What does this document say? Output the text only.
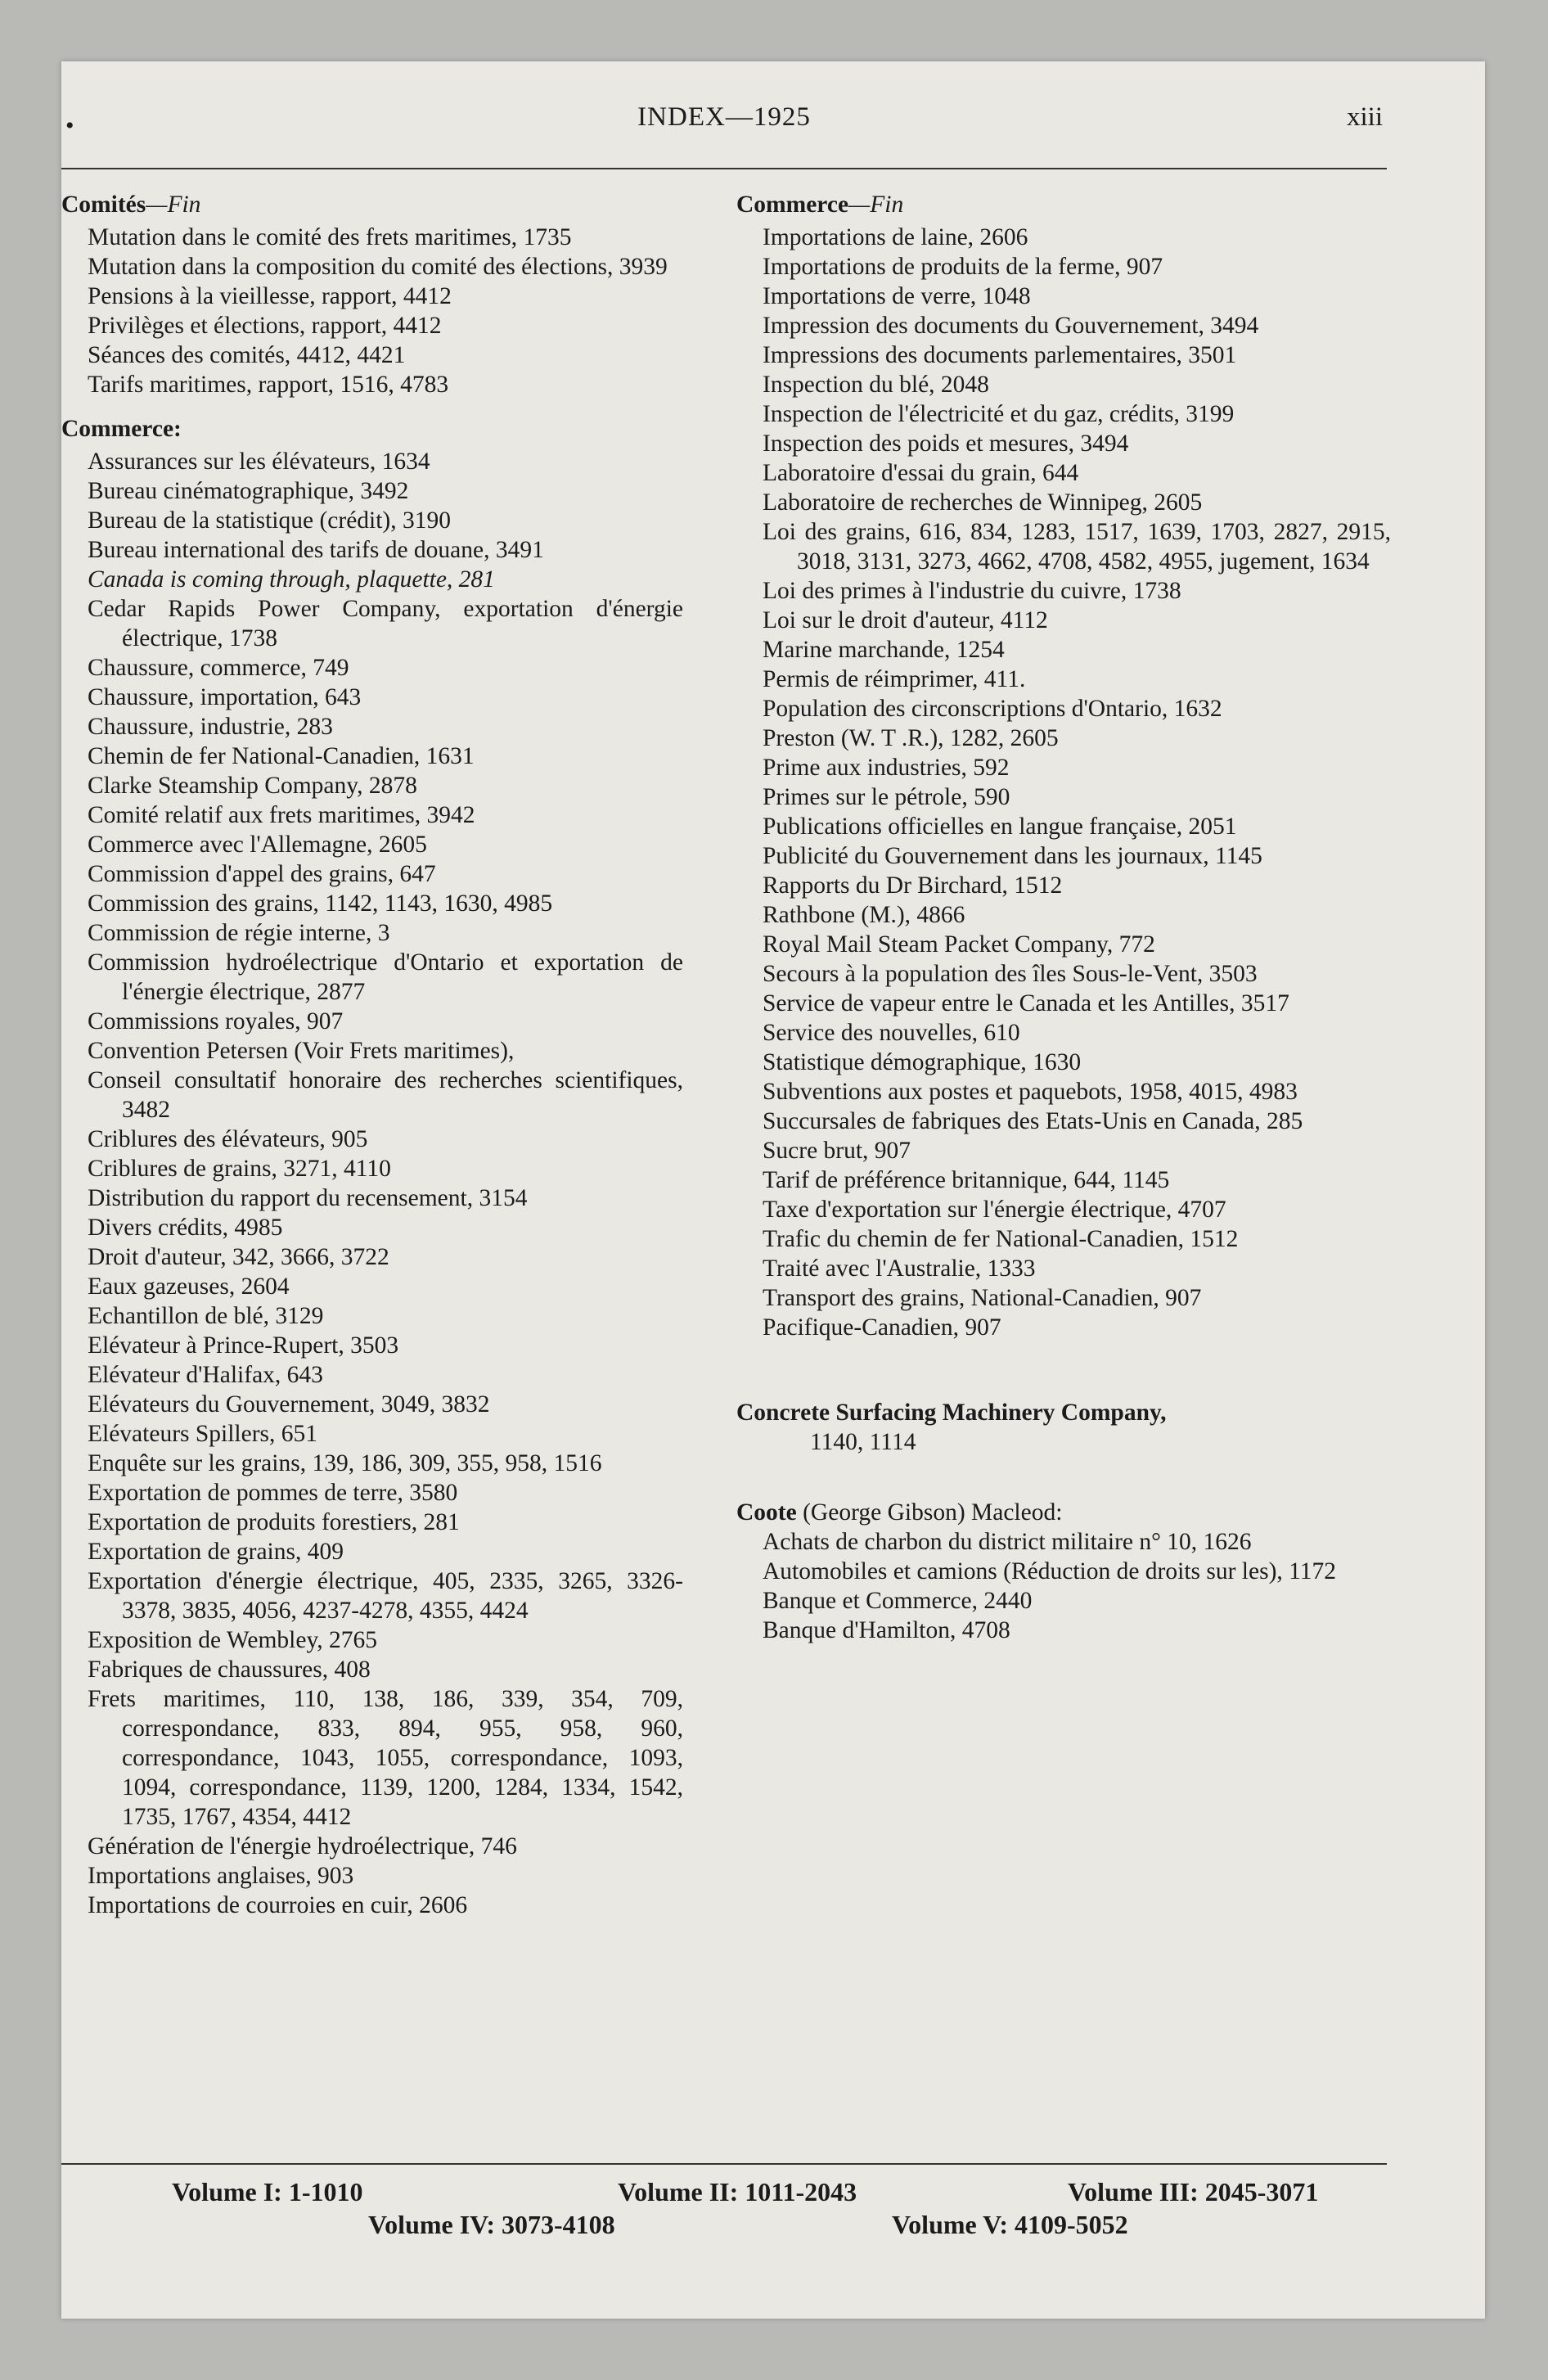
•	INDEX—1925	xiii
Comités—Fin
Mutation dans le comité des frets maritimes, 1735
Mutation dans la composition du comité des élections, 3939
Pensions à la vieillesse, rapport, 4412
Privilèges et élections, rapport, 4412
Séances des comités, 4412, 4421
Tarifs maritimes, rapport, 1516, 4783
Commerce:
Assurances sur les élévateurs, 1634
Bureau cinématographique, 3492
Bureau de la statistique (crédit), 3190
Bureau international des tarifs de douane, 3491
Canada is coming through, plaquette, 281
Cedar Rapids Power Company, exportation d'énergie électrique, 1738
Chaussure, commerce, 749
Chaussure, importation, 643
Chaussure, industrie, 283
Chemin de fer National-Canadien, 1631
Clarke Steamship Company, 2878
Comité relatif aux frets maritimes, 3942
Commerce avec l'Allemagne, 2605
Commission d'appel des grains, 647
Commission des grains, 1142, 1143, 1630, 4985
Commission de régie interne, 3
Commission hydroélectrique d'Ontario et exportation de l'énergie électrique, 2877
Commissions royales, 907
Convention Petersen (Voir Frets maritimes),
Conseil consultatif honoraire des recherches scientifiques, 3482
Criblures des élévateurs, 905
Criblures de grains, 3271, 4110
Distribution du rapport du recensement, 3154
Divers crédits, 4985
Droit d'auteur, 342, 3666, 3722
Eaux gazeuses, 2604
Echantillon de blé, 3129
Elévateur à Prince-Rupert, 3503
Elévateur d'Halifax, 643
Elévateurs du Gouvernement, 3049, 3832
Elévateurs Spillers, 651
Enquête sur les grains, 139, 186, 309, 355, 958, 1516
Exportation de pommes de terre, 3580
Exportation de produits forestiers, 281
Exportation de grains, 409
Exportation d'énergie électrique, 405, 2335, 3265, 3326-3378, 3835, 4056, 4237-4278, 4355, 4424
Exposition de Wembley, 2765
Fabriques de chaussures, 408
Frets maritimes, 110, 138, 186, 339, 354, 709, correspondance, 833, 894, 955, 958, 960, correspondance, 1043, 1055, correspondance, 1093, 1094, correspondance, 1139, 1200, 1284, 1334, 1542, 1735, 1767, 4354, 4412
Génération de l'énergie hydroélectrique, 746
Importations anglaises, 903
Importations de courroies en cuir, 2606
Commerce—Fin
Importations de laine, 2606
Importations de produits de la ferme, 907
Importations de verre, 1048
Impression des documents du Gouvernement, 3494
Impressions des documents parlementaires, 3501
Inspection du blé, 2048
Inspection de l'électricité et du gaz, crédits, 3199
Inspection des poids et mesures, 3494
Laboratoire d'essai du grain, 644
Laboratoire de recherches de Winnipeg, 2605
Loi des grains, 616, 834, 1283, 1517, 1639, 1703, 2827, 2915, 3018, 3131, 3273, 4662, 4708, 4582, 4955, jugement, 1634
Loi des primes à l'industrie du cuivre, 1738
Loi sur le droit d'auteur, 4112
Marine marchande, 1254
Permis de réimprimer, 411.
Population des circonscriptions d'Ontario, 1632
Preston (W. T .R.), 1282, 2605
Prime aux industries, 592
Primes sur le pétrole, 590
Publications officielles en langue française, 2051
Publicité du Gouvernement dans les journaux, 1145
Rapports du Dr Birchard, 1512
Rathbone (M.), 4866
Royal Mail Steam Packet Company, 772
Secours à la population des îles Sous-le-Vent, 3503
Service de vapeur entre le Canada et les Antilles, 3517
Service des nouvelles, 610
Statistique démographique, 1630
Subventions aux postes et paquebots, 1958, 4015, 4983
Succursales de fabriques des Etats-Unis en Canada, 285
Sucre brut, 907
Tarif de préférence britannique, 644, 1145
Taxe d'exportation sur l'énergie électrique, 4707
Trafic du chemin de fer National-Canadien, 1512
Traité avec l'Australie, 1333
Transport des grains, National-Canadien, 907
Pacifique-Canadien, 907
Concrete Surfacing Machinery Company,
1140, 1114
Coote (George Gibson) Macleod:
Achats de charbon du district militaire n° 10, 1626
Automobiles et camions (Réduction de droits sur les), 1172
Banque et Commerce, 2440
Banque d'Hamilton, 4708
Volume I: 1-1010	Volume II: 1011-2043	Volume III: 2045-3071
Volume IV: 3073-4108	Volume V: 4109-5052
